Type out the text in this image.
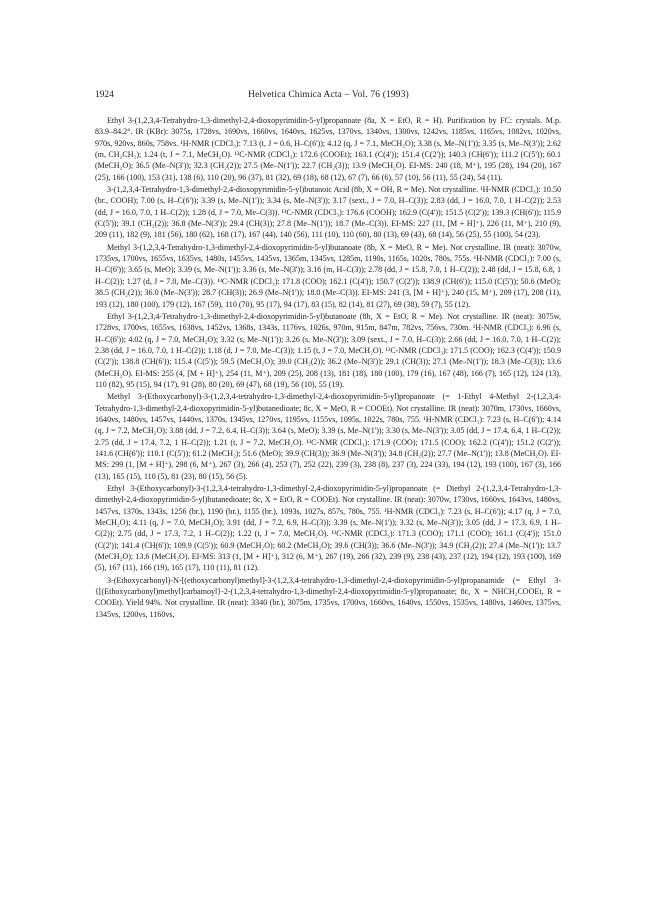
1924	Helvetica Chimica Acta – Vol. 76 (1993)

Ethyl 3-(1,2,3,4-Tetrahydro-1,3-dimethyl-2,4-dioxopyrimidin-5-yl)propanoate (8a, X = EtO, R = H). Purification by FC: crystals. M.p. 83.9–84.2°. IR (KBr): 3075s, 1728vs, 1690vs, 1660vs, 1640vs, 1625vs, 1370vs, 1340vs, 1300vs, 1242vs, 1185vs, 1165vs, 1082vs, 1020vs, 970s, 920vs, 860s, 758vs. ¹H-NMR (CDCl₃): 7.13 (t, J = 0.6, H–C(6')); 4.12 (q, J = 7.1, MeCH₂O); 3.38 (s, Me–N(1')); 3.35 (s, Me–N(3')); 2.62 (m, CH₂CH₂); 1.24 (t, J = 7.1, MeCH₂O). ¹³C-NMR (CDCl₃): 172.6 (COOEt); 163.1 (C(4')); 151.4 (C(2')); 140.3 (CH(6')); 111.2 (C(5')); 60.1 (MeCH₂O); 36.5 (Me–N(3')); 32.3 (CH₂(2)); 27.5 (Me–N(1')); 22.7 (CH₂(3)); 13.9 (MeCH₂O). EI-MS: 240 (18, M⁺), 195 (28), 194 (20), 167 (25), 166 (100), 153 (31), 138 (6), 110 (20), 96 (37), 81 (32), 69 (18), 68 (12), 67 (7), 66 (6), 57 (10), 56 (11), 55 (24), 54 (11).

3-(1,2,3,4-Tetrahydro-1,3-dimethyl-2,4-dioxopyrimidin-5-yl)butanoic Acid (8b, X = OH, R = Me). Not crystalline. ¹H-NMR (CDCl₃): 10.50 (br., COOH); 7.00 (s, H–C(6')); 3.39 (s, Me–N(1')); 3.34 (s, Me–N(3')); 3.17 (sext., J = 7.0, H–C(3)); 2.83 (dd, J = 16.0, 7.0, 1 H–C(2)); 2.53 (dd, J = 16.0, 7.0, 1 H–C(2)); 1.28 (d, J = 7.0, Me–C(3)). ¹³C-NMR (CDCl₃): 176.6 (COOH); 162.9 (C(4')); 151.5 (C(2')); 139.3 (CH(6')); 115.9 (C(5')); 39.1 (CH₂(2)); 36.8 (Me–N(3')); 29.4 (CH(3)); 27.8 (Me–N(1')); 18.7 (Me–C(3)). EI-MS: 227 (11, [M + H]⁺), 226 (11, M⁺), 210 (9), 209 (11), 182 (9), 181 (56), 180 (62), 168 (17), 167 (44), 140 (56), 111 (10), 110 (60), 80 (13), 69 (43), 68 (14), 56 (25), 55 (100), 54 (23).

Methyl 3-(1,2,3,4-Tetrahydro-1,3-dimethyl-2,4-dioxopyrimidin-5-yl)butanoate (8b, X = MeO, R = Me). Not crystalline. IR (neat): 3070w, 1735vs, 1700vs, 1655vs, 1635vs, 1480s, 1455vs, 1435vs, 1365m, 1345vs, 1285m, 1190s, 1165s, 1020s, 780s, 755s. ¹H-NMR (CDCl₃): 7.00 (s, H–C(6')); 3.65 (s, MeO); 3.39 (s, Me–N(1')); 3.36 (s, Me–N(3')); 3.16 (m, H–C(3)); 2.78 (dd, J = 15.8, 7.0, 1 H–C(2)); 2.48 (dd, J = 15.8, 6.8, 1 H–C(2)); 1.27 (d, J = 7.0, Me–C(3)). ¹³C-NMR (CDCl₃): 171.8 (COO); 162.1 (C(4')); 150.7 (C(2')); 138.9 (CH(6')); 115.0 (C(5')); 50.6 (MeO); 38.5 (CH₂(2)); 36.0 (Me–N(3')); 28.7 (CH(3)); 26.9 (Me–N(1')); 18.0 (Me–C(3)). EI-MS: 241 (3, [M + H]⁺), 240 (15, M⁺), 209 (17), 208 (11), 193 (12), 180 (100), 179 (12), 167 (59), 110 (70), 95 (17), 94 (17), 83 (15), 82 (14), 81 (27), 69 (38), 59 (7), 55 (12).

Ethyl 3-(1,2,3,4-Tetrahydro-1,3-dimethyl-2,4-dioxopyrimidin-5-yl)butanoate (8b, X = EtO, R = Me). Not crystalline. IR (neat): 3075w, 1728vs, 1700vs, 1655vs, 1638vs, 1452vs, 1368s, 1343s, 1176vs, 1026s, 970m, 915m, 847m, 782vs, 756vs, 730m. ¹H-NMR (CDCl₃): 6.96 (s, H–C(6')); 4.02 (q, J = 7.0, MeCH₂O); 3.32 (s, Me–N(1')); 3.26 (s, Me–N(3')); 3.09 (sext., J = 7.0, H–C(3)); 2.66 (dd, J = 16.0, 7.0, 1 H–C(2)); 2.38 (dd, J = 16.0, 7.0, 1 H–C(2)); 1.18 (d, J = 7.0, Me–C(3)); 1.15 (t, J = 7.0, MeCH₂O). ¹³C-NMR (CDCl₃): 171.5 (COO); 162.3 (C(4')); 150.9 (C(2')); 138.8 (CH(6')); 115.4 (C(5')); 59.5 (MeCH₂O); 39.0 (CH₂(2)); 36.2 (Me–N(3')); 29.1 (CH(3)); 27.1 (Me–N(1')); 18.3 (Me–C(3)); 13.6 (MeCH₂O). EI-MS: 255 (4, [M + H]⁺), 254 (11, M⁺), 209 (25), 208 (13), 181 (18), 180 (100), 179 (16), 167 (48), 166 (7), 165 (12), 124 (13), 110 (82), 95 (15), 94 (17), 91 (28), 80 (20), 69 (47), 68 (19), 56 (10), 55 (19).

Methyl 3-(Ethoxycarbonyl)-3-(1,2,3,4-tetrahydro-1,3-dimethyl-2,4-dioxopyrimidin-5-yl)propanoate (= 1-Ethyl 4-Methyl 2-(1,2,3,4-Tetrahydro-1,3-dimethyl-2,4-dioxopyrimidin-5-yl)butanedioate; 8c, X = MeO, R = COOEt). Not crystalline. IR (neat): 3070m, 1730vs, 1660vs, 1640vs, 1480vs, 1457vs, 1440vs, 1370s, 1345vs, 1270vs, 1195vs, 1155vs, 1095s, 1022s, 780s, 755. ¹H-NMR (CDCl₃): 7.23 (s, H–C(6')); 4.14 (q, J = 7.2, MeCH₂O); 3.88 (dd, J = 7.2, 6.4, H–C(3)); 3.64 (s, MeO); 3.39 (s, Me–N(1')); 3.30 (s, Me–N(3')); 3.05 (dd, J = 17.4, 6.4, 1 H–C(2)); 2.75 (dd, J = 17.4, 7.2, 1 H–C(2)); 1.21 (t, J = 7.2, MeCH₂O). ¹³C-NMR (CDCl₃): 171.9 (COO); 171.5 (COO); 162.2 (C(4')); 151.2 (C(2')); 141.6 (CH(6')); 110.1 (C(5')); 61.2 (MeCH₂); 51.6 (MeO); 39.9 (CH(3)); 36.9 (Me–N(3')); 34.8 (CH₂(2)); 27.7 (Me–N(1')); 13.8 (MeCH₂O). EI-MS: 299 (1, [M + H]⁺), 298 (6, M⁺), 267 (3), 266 (4), 253 (7), 252 (22), 239 (3), 238 (8), 237 (3), 224 (33), 194 (12), 193 (100), 167 (3), 166 (13), 165 (15), 110 (5), 81 (23), 80 (15), 56 (5).

Ethyl 3-(Ethoxycarbonyl)-3-(1,2,3,4-tetrahydro-1,3-dimethyl-2,4-dioxopyrimidin-5-yl)propanoate (= Diethyl 2-(1,2,3,4-Tetrahydro-1,3-dimethyl-2,4-dioxopyrimidin-5-yl)butanedioate; 8c, X = EtO, R = COOEt). Not crystalline. IR (neat): 3070w, 1730vs, 1660vs, 1643vs, 1480vs, 1457vs, 1370s, 1343s, 1256 (br.), 1190 (br.), 1155 (br.), 1093s, 1027s, 857s, 780s, 755. ¹H-NMR (CDCl₃): 7.23 (s, H–C(6')); 4.17 (q, J = 7.0, MeCH₂O); 4.11 (q, J = 7.0, MeCH₂O); 3.91 (dd, J = 7.2, 6.9, H–C(3)); 3.39 (s, Me–N(1')); 3.32 (s, Me–N(3')); 3.05 (dd, J = 17.3, 6.9, 1 H–C(2)); 2.75 (dd, J = 17.3, 7.2, 1 H–C(2)); 1.22 (t, J = 7.0, MeCH₂O). ¹³C-NMR (CDCl₃): 171.3 (COO); 171.1 (COO); 161.1 (C(4')); 151.0 (C(2')); 141.4 (CH(6')); 109.9 (C(5')); 60.9 (MeCH₂O); 60.2 (MeCH₂O); 39.6 (CH(3)); 36.6 (Me–N(3')); 34.9 (CH₂(2)); 27.4 (Me–N(1')); 13.7 (MeCH₂O); 13.6 (MeCH₂O). EI-MS: 313 (1, [M + H]⁺), 312 (6, M⁺), 267 (19), 266 (32), 239 (9), 238 (43), 237 (12), 194 (12), 193 (100), 169 (5), 167 (11), 166 (19), 165 (17), 110 (11), 81 (12).

3-(Ethoxycarbonyl)-N-[(ethoxycarbonyl)methyl]-3-(1,2,3,4-tetrahydro-1,3-dimethyl-2,4-dioxopyrimidin-5-yl)propanamide (= Ethyl 3-{[(Ethoxycarbonyl)methyl]carbamoyl}-2-(1,2,3,4-tetrahydro-1,3-dimethyl-2,4-dioxopyrimidin-5-yl)propanoate; 8c, X = NHCH₂COOEt, R = COOEt). Yield 94%. Not crystalline. IR (neat): 3340 (br.), 3075m, 1735vs, 1700vs, 1660vs, 1640vs, 1550vs, 1535vs, 1480vs, 1460vs, 1375vs, 1345vs, 1200vs, 1160vs,
